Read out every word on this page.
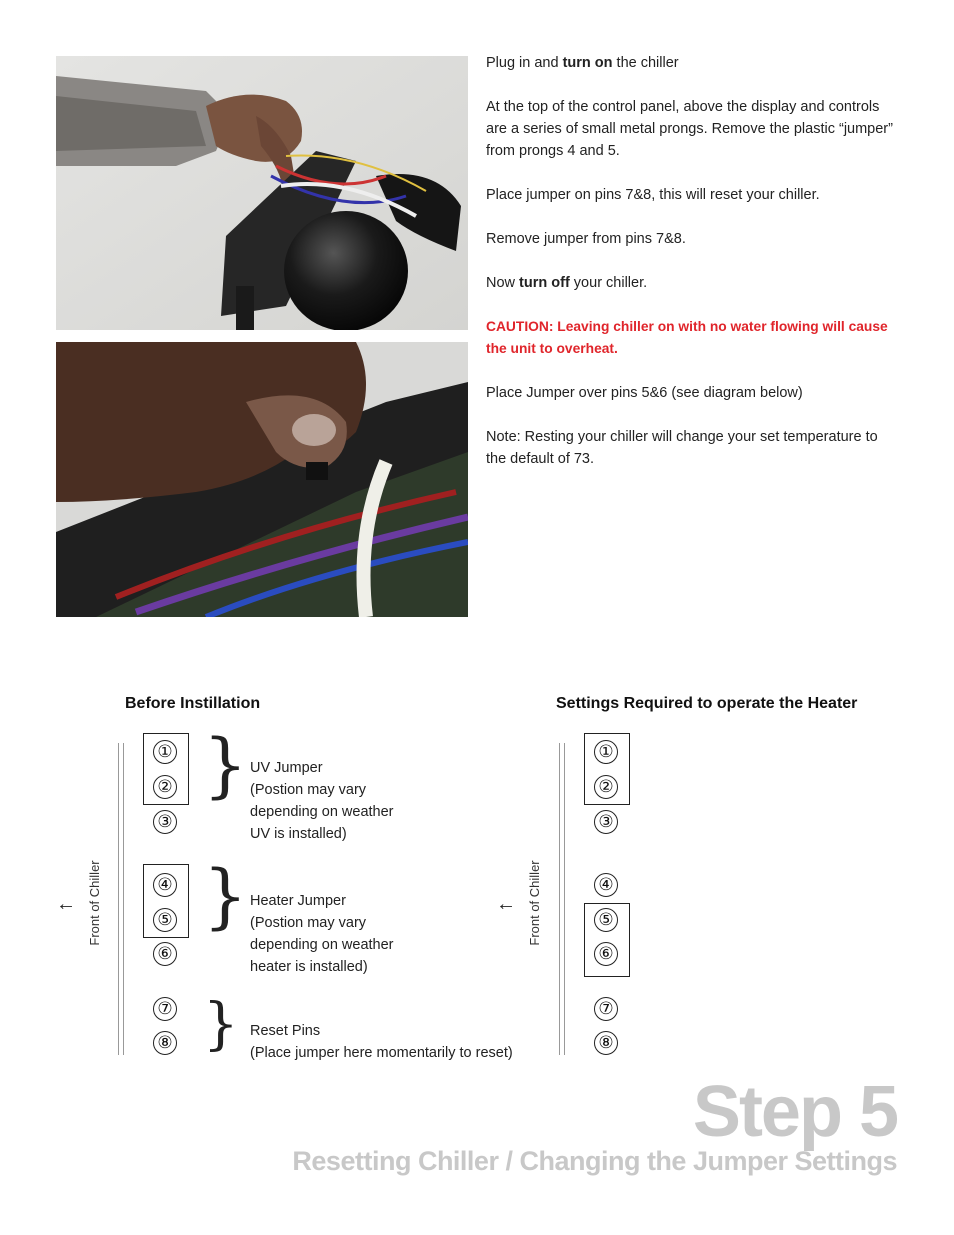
Plug in and turn on the chiller

At the top of the control panel, above the display and controls are a series of small metal prongs. Remove the plastic “jumper” from prongs 4 and 5.

Place jumper on pins 7&8, this will reset your chiller.

Remove jumper from pins 7&8.

Now turn off your chiller.

CAUTION: Leaving chiller on with no water flowing will cause the unit to overheat.

Place Jumper over pins 5&6 (see diagram below)

Note: Resting your chiller will change your set temperature to the default of 73.

Before Instillation	Settings Required to operate the Heater
Front of Chiller
←
①
②
③
④
⑤
⑥
⑦
⑧
}
}
}
UV Jumper
(Postion may vary
depending on weather
UV is installed)
Heater Jumper
(Postion may vary
depending on weather
heater is installed)
Reset Pins
(Place jumper here momentarily to reset)
Front of Chiller
←
①
②
③
④
⑤
⑥
⑦
⑧
Step 5
Resetting Chiller / Changing the Jumper Settings
